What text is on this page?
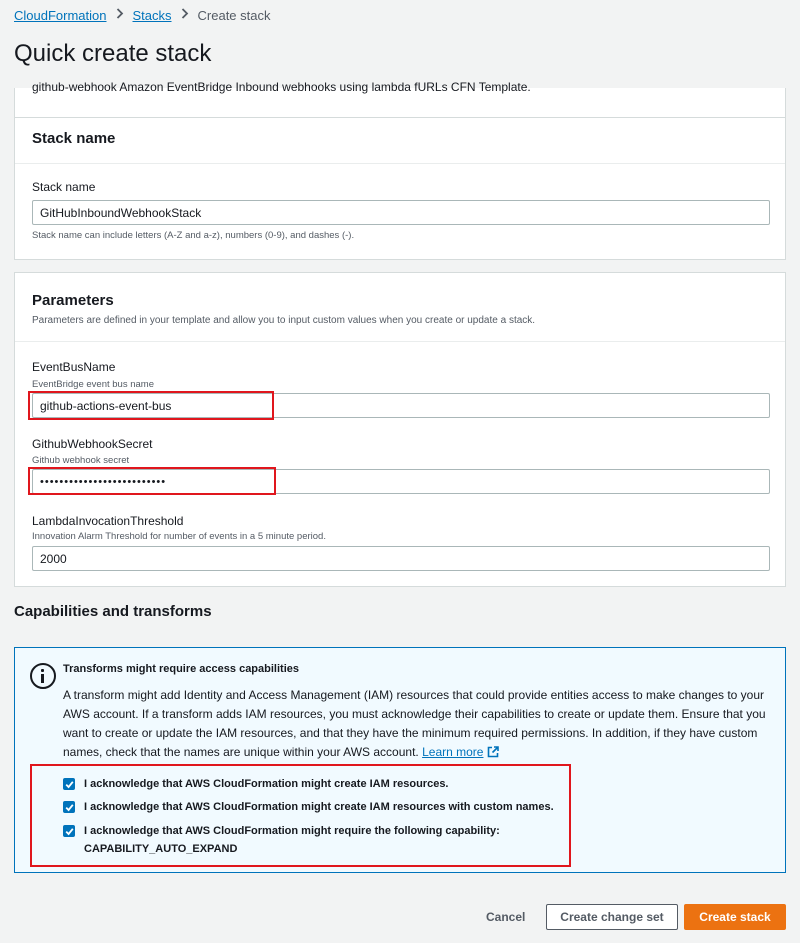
CloudFormation Stacks Create stack
Quick create stack
github-webhook Amazon EventBridge Inbound webhooks using lambda fURLs CFN Template.
Stack name
Stack name
GitHubInboundWebhookStack
Stack name can include letters (A-Z and a-z), numbers (0-9), and dashes (-).
Parameters
Parameters are defined in your template and allow you to input custom values when you create or update a stack.
EventBusName
EventBridge event bus name
github-actions-event-bus
GithubWebhookSecret
Github webhook secret
••••••••••••••••••••••••••
LambdaInvocationThreshold
Innovation Alarm Threshold for number of events in a 5 minute period.
2000
Capabilities and transforms
Transforms might require access capabilities

A transform might add Identity and Access Management (IAM) resources that could provide entities access to make changes to your AWS account. If a transform adds IAM resources, you must acknowledge their capabilities to create or update them. Ensure that you want to create or update the IAM resources, and that they have the minimum required permissions. In addition, if they have custom names, check that the names are unique within your AWS account. Learn more

I acknowledge that AWS CloudFormation might create IAM resources.
I acknowledge that AWS CloudFormation might create IAM resources with custom names.
I acknowledge that AWS CloudFormation might require the following capability:
CAPABILITY_AUTO_EXPAND
Cancel	Create change set	Create stack
